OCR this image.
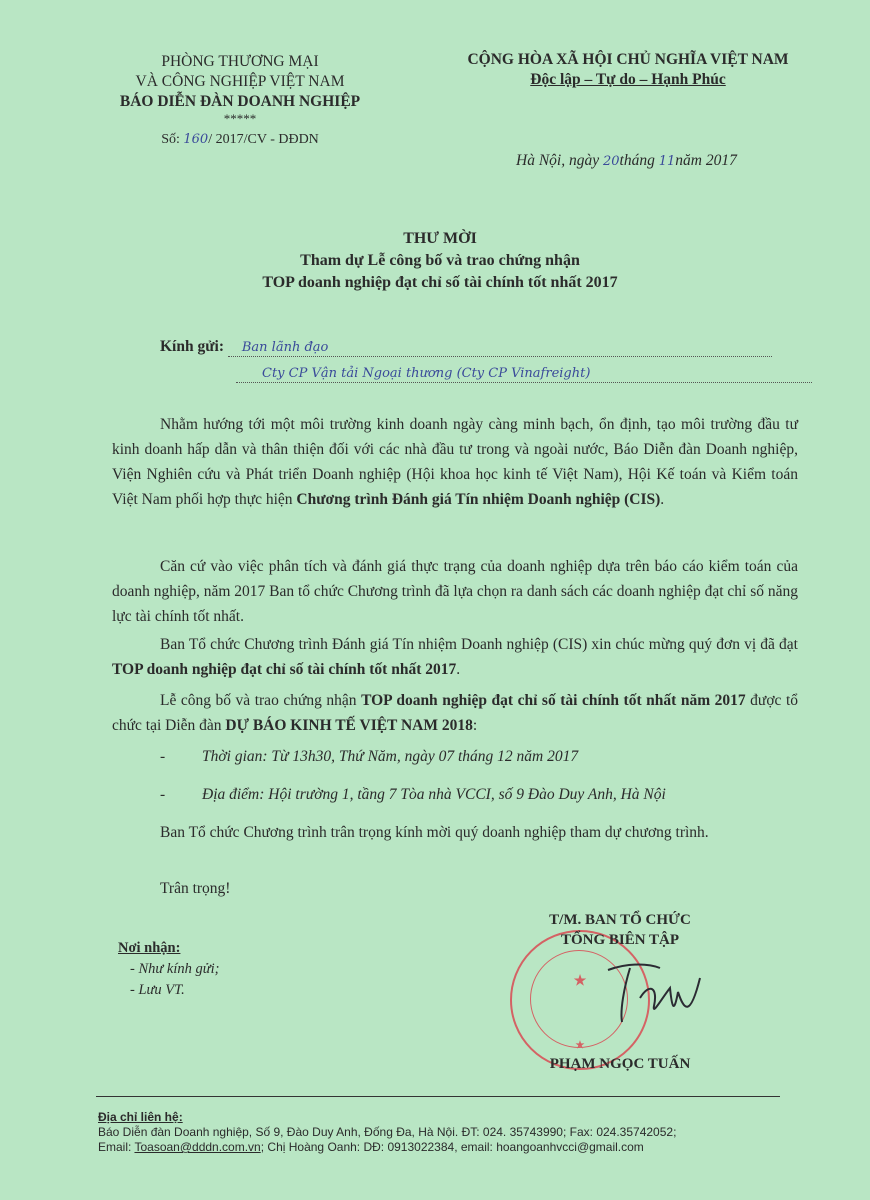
PHÒNG THƯƠNG MẠI
VÀ CÔNG NGHIỆP VIỆT NAM
BÁO DIỄN ĐÀN DOANH NGHIỆP
*****
Số: 160/ 2017/CV - DĐDN
CỘNG HÒA XÃ HỘI CHỦ NGHĨA VIỆT NAM
Độc lập – Tự do – Hạnh Phúc
Hà Nội, ngày 20tháng 11năm 2017
THƯ MỜI
Tham dự Lễ công bố và trao chứng nhận
TOP doanh nghiệp đạt chỉ số tài chính tốt nhất 2017
Kính gửi: Ban lãnh đạo
Cty CP Vận tải Ngoại thương (Cty CP Vinafreight)
Nhằm hướng tới một môi trường kinh doanh ngày càng minh bạch, ổn định, tạo môi trường đầu tư kinh doanh hấp dẫn và thân thiện đối với các nhà đầu tư trong và ngoài nước, Báo Diễn đàn Doanh nghiệp, Viện Nghiên cứu và Phát triển Doanh nghiệp (Hội khoa học kinh tế Việt Nam), Hội Kế toán và Kiểm toán Việt Nam phối hợp thực hiện Chương trình Đánh giá Tín nhiệm Doanh nghiệp (CIS).
Căn cứ vào việc phân tích và đánh giá thực trạng của doanh nghiệp dựa trên báo cáo kiểm toán của doanh nghiệp, năm 2017 Ban tổ chức Chương trình đã lựa chọn ra danh sách các doanh nghiệp đạt chỉ số năng lực tài chính tốt nhất.
Ban Tổ chức Chương trình Đánh giá Tín nhiệm Doanh nghiệp (CIS) xin chúc mừng quý đơn vị đã đạt TOP doanh nghiệp đạt chỉ số tài chính tốt nhất 2017.
Lễ công bố và trao chứng nhận TOP doanh nghiệp đạt chỉ số tài chính tốt nhất năm 2017 được tổ chức tại Diễn đàn DỰ BÁO KINH TẾ VIỆT NAM 2018:
- Thời gian: Từ 13h30, Thứ Năm, ngày 07 tháng 12 năm 2017
- Địa điểm: Hội trường 1, tầng 7 Tòa nhà VCCI, số 9 Đào Duy Anh, Hà Nội
Ban Tổ chức Chương trình trân trọng kính mời quý doanh nghiệp tham dự chương trình.
Trân trọng!
Nơi nhận:
- Như kính gửi;
- Lưu VT.
★
★
T/M. BAN TỔ CHỨC
TỔNG BIÊN TẬP
PHẠM NGỌC TUẤN
Địa chỉ liên hệ:
Báo Diễn đàn Doanh nghiệp, Số 9, Đào Duy Anh, Đống Đa, Hà Nội. ĐT: 024. 35743990; Fax: 024.35742052;
Email: Toasoan@dddn.com.vn; Chị Hoàng Oanh: DĐ: 0913022384, email: hoangoanhvcci@gmail.com
